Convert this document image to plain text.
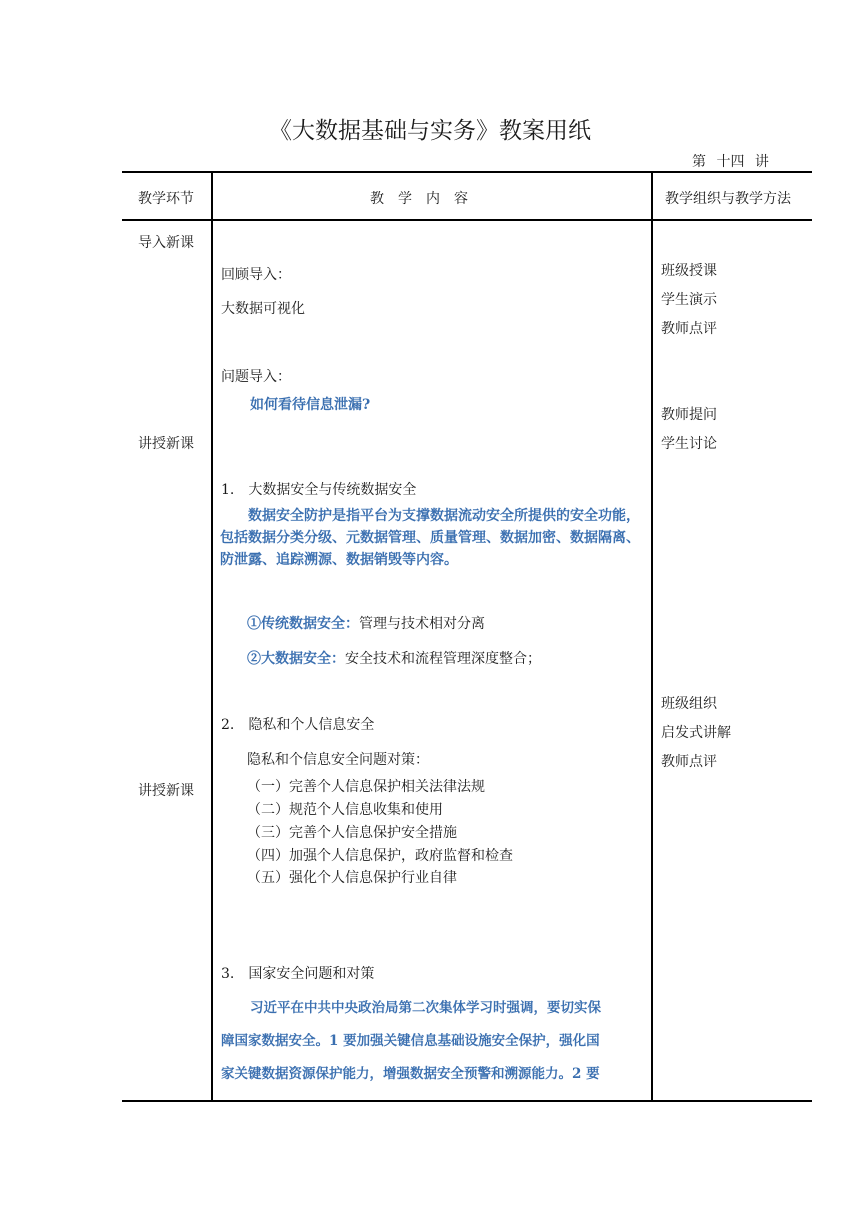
《大数据基础与实务》教案用纸
第 十四 讲
教学环节	教　学　内　容	教学组织与教学方法
导入新课
讲授新课
讲授新课
班级授课
学生演示
教师点评
教师提问
学生讨论
班级组织
启发式讲解
教师点评
回顾导入：
大数据可视化
问题导入：
如何看待信息泄漏?
1.　大数据安全与传统数据安全
数据安全防护是指平台为支撑数据流动安全所提供的安全功能，包括数据分类分级、元数据管理、质量管理、数据加密、数据隔离、防泄露、追踪溯源、数据销毁等内容。
①传统数据安全：管理与技术相对分离
②大数据安全：安全技术和流程管理深度整合；
2.　隐私和个人信息安全
隐私和个信息安全问题对策：
（一）完善个人信息保护相关法律法规
（二）规范个人信息收集和使用
（三）完善个人信息保护安全措施
（四）加强个人信息保护，政府监督和检查
（五）强化个人信息保护行业自律
3.　国家安全问题和对策
习近平在中共中央政治局第二次集体学习时强调，要切实保
障国家数据安全。1 要加强关键信息基础设施安全保护，强化国
家关键数据资源保护能力，增强数据安全预警和溯源能力。2 要
